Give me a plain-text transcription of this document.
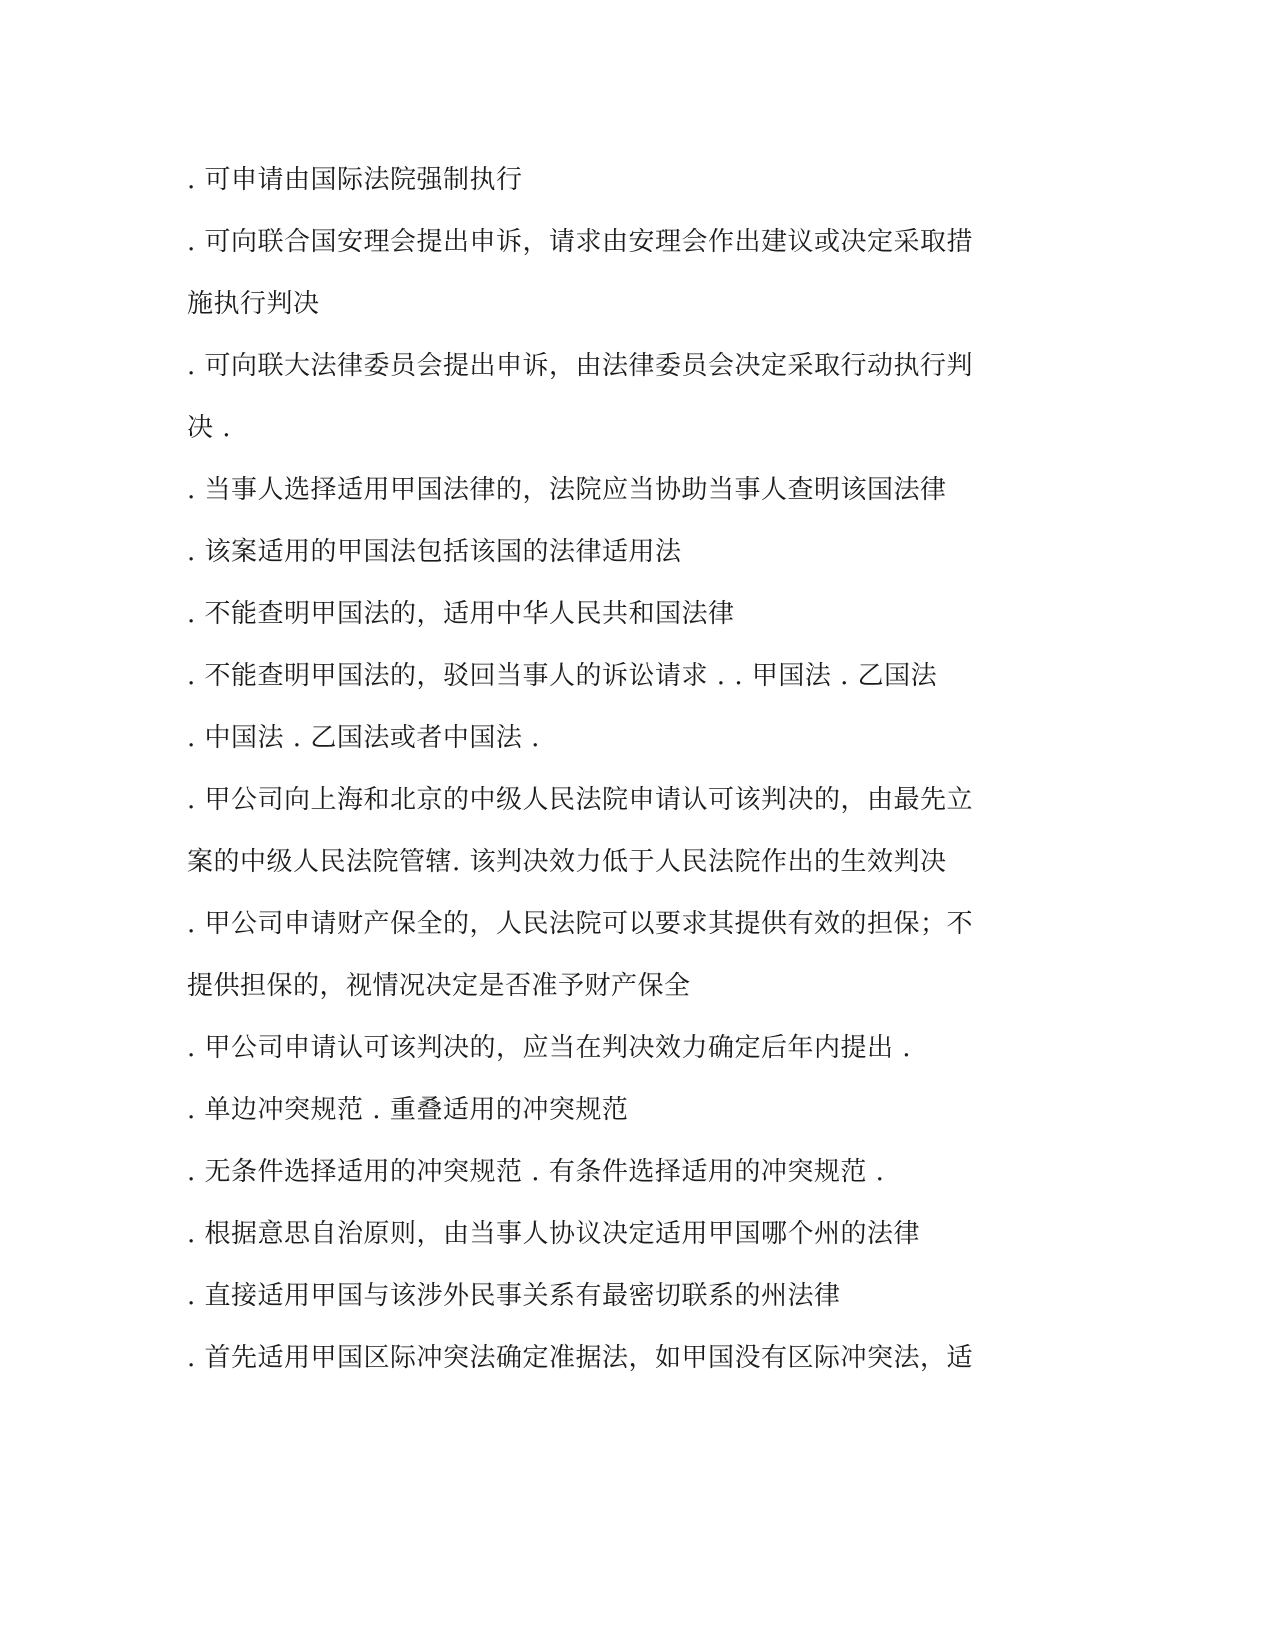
. 可申请由国际法院强制执行
. 可向联合国安理会提出申诉，请求由安理会作出建议或决定采取措
施执行判决
. 可向联大法律委员会提出申诉，由法律委员会决定采取行动执行判
决 .
. 当事人选择适用甲国法律的，法院应当协助当事人查明该国法律
. 该案适用的甲国法包括该国的法律适用法
. 不能查明甲国法的，适用中华人民共和国法律
. 不能查明甲国法的，驳回当事人的诉讼请求 . . 甲国法 . 乙国法
. 中国法 . 乙国法或者中国法 .
. 甲公司向上海和北京的中级人民法院申请认可该判决的，由最先立
案的中级人民法院管辖. 该判决效力低于人民法院作出的生效判决
. 甲公司申请财产保全的，人民法院可以要求其提供有效的担保；不
提供担保的，视情况决定是否准予财产保全
. 甲公司申请认可该判决的，应当在判决效力确定后年内提出 .
. 单边冲突规范 . 重叠适用的冲突规范
. 无条件选择适用的冲突规范 . 有条件选择适用的冲突规范 .
. 根据意思自治原则，由当事人协议决定适用甲国哪个州的法律
. 直接适用甲国与该涉外民事关系有最密切联系的州法律
. 首先适用甲国区际冲突法确定准据法，如甲国没有区际冲突法，适
